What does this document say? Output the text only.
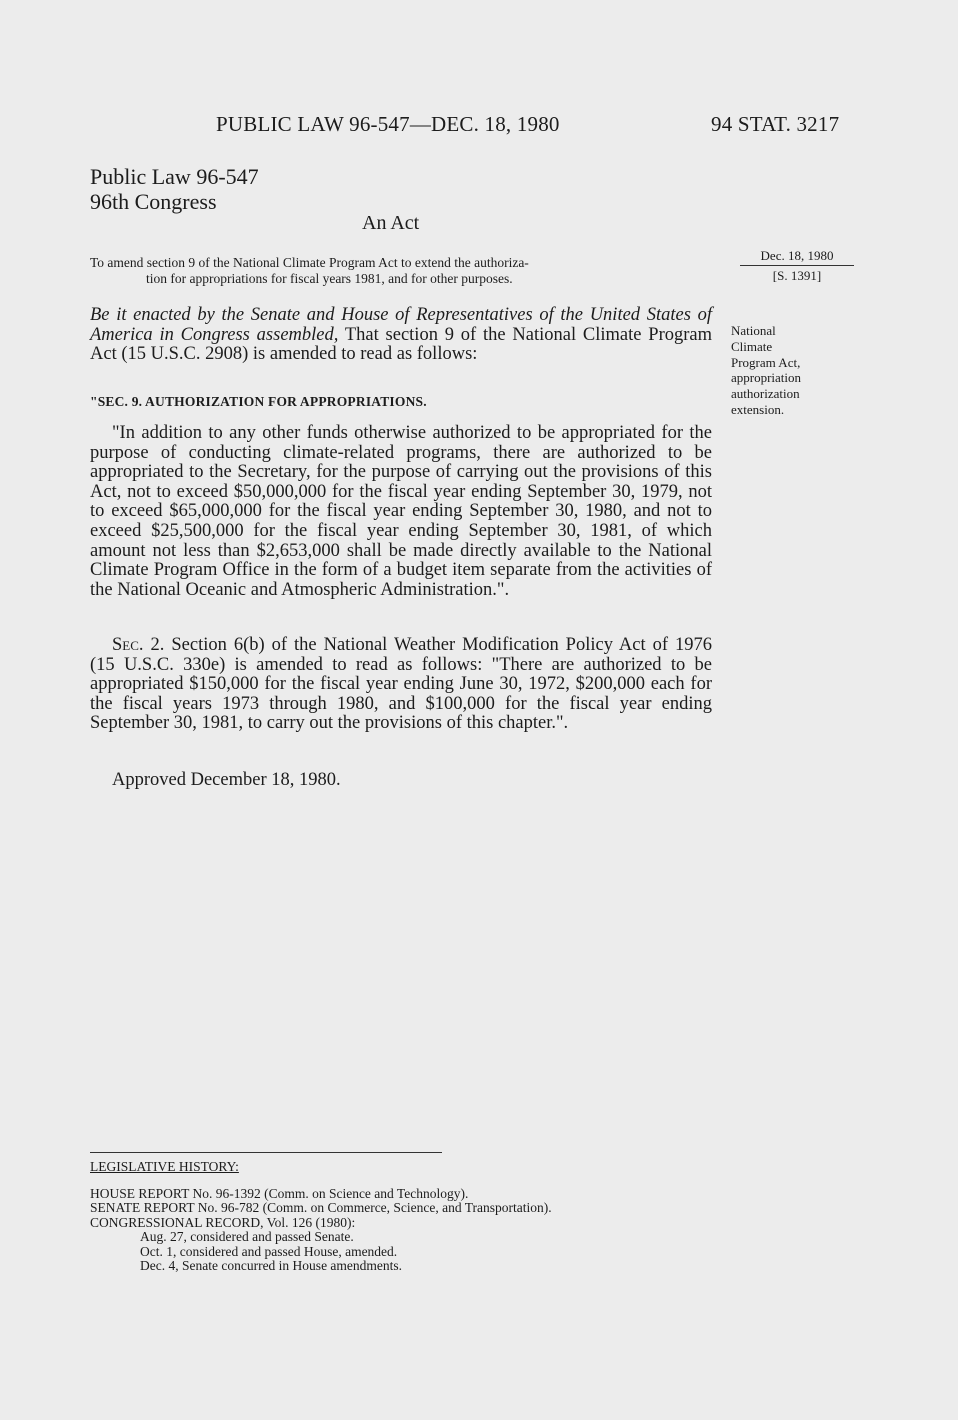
PUBLIC LAW 96-547—DEC. 18, 1980	94 STAT. 3217
Public Law 96-547
96th Congress
An Act
To amend section 9 of the National Climate Program Act to extend the authoriza-
tion for appropriations for fiscal years 1981, and for other purposes.
Dec. 18, 1980
[S. 1391]
National
Climate
Program Act,
appropriation
authorization
extension.
Be it enacted by the Senate and House of Representatives of the United States of America in Congress assembled, That section 9 of the National Climate Program Act (15 U.S.C. 2908) is amended to read as follows:
"SEC. 9. AUTHORIZATION FOR APPROPRIATIONS.
"In addition to any other funds otherwise authorized to be appropriated for the purpose of conducting climate-related programs, there are authorized to be appropriated to the Secretary, for the purpose of carrying out the provisions of this Act, not to exceed $50,000,000 for the fiscal year ending September 30, 1979, not to exceed $65,000,000 for the fiscal year ending September 30, 1980, and not to exceed $25,500,000 for the fiscal year ending September 30, 1981, of which amount not less than $2,653,000 shall be made directly available to the National Climate Program Office in the form of a budget item separate from the activities of the National Oceanic and Atmospheric Administration.".
Sec. 2. Section 6(b) of the National Weather Modification Policy Act of 1976 (15 U.S.C. 330e) is amended to read as follows: "There are authorized to be appropriated $150,000 for the fiscal year ending June 30, 1972, $200,000 each for the fiscal years 1973 through 1980, and $100,000 for the fiscal year ending September 30, 1981, to carry out the provisions of this chapter.".
Approved December 18, 1980.
LEGISLATIVE HISTORY:
HOUSE REPORT No. 96-1392 (Comm. on Science and Technology).
SENATE REPORT No. 96-782 (Comm. on Commerce, Science, and Transportation).
CONGRESSIONAL RECORD, Vol. 126 (1980):
Aug. 27, considered and passed Senate.
Oct. 1, considered and passed House, amended.
Dec. 4, Senate concurred in House amendments.
